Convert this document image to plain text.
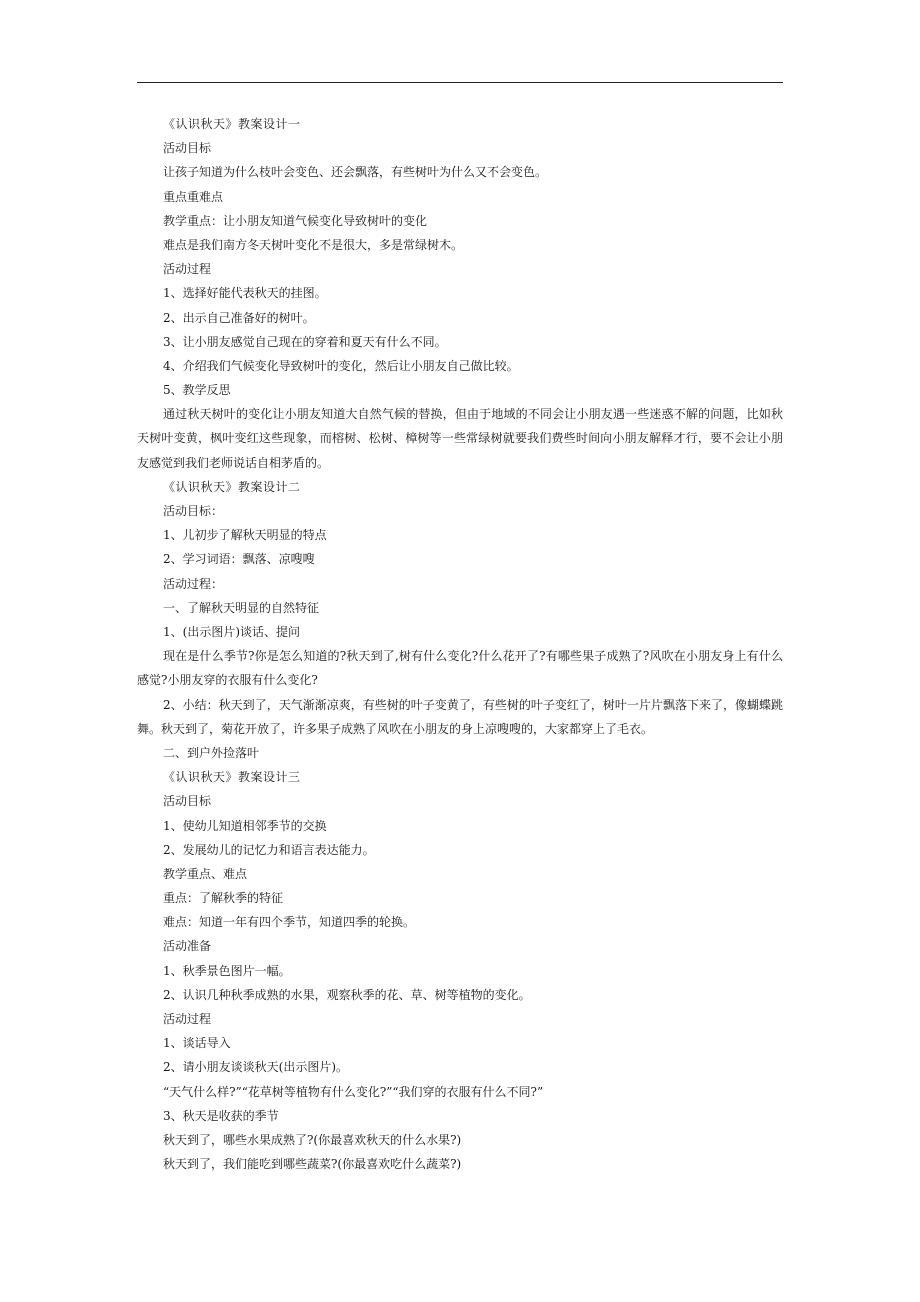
《认识秋天》教案设计一
活动目标
让孩子知道为什么枝叶会变色、还会飘落，有些树叶为什么又不会变色。
重点重难点
教学重点：让小朋友知道气候变化导致树叶的变化
难点是我们南方冬天树叶变化不是很大，多是常绿树木。
活动过程
1、选择好能代表秋天的挂图。
2、出示自己准备好的树叶。
3、让小朋友感觉自己现在的穿着和夏天有什么不同。
4、介绍我们气候变化导致树叶的变化，然后让小朋友自己做比较。
5、教学反思
通过秋天树叶的变化让小朋友知道大自然气候的替换，但由于地域的不同会让小朋友遇一些迷惑不解的问题，比如秋天树叶变黄，枫叶变红这些现象，而榕树、松树、樟树等一些常绿树就要我们费些时间向小朋友解释才行，要不会让小朋友感觉到我们老师说话自相茅盾的。
《认识秋天》教案设计二
活动目标：
1、儿初步了解秋天明显的特点
2、学习词语：飘落、凉嗖嗖
活动过程：
一、了解秋天明显的自然特征
1、(出示图片)谈话、提问
现在是什么季节?你是怎么知道的?秋天到了,树有什么变化?什么花开了?有哪些果子成熟了?风吹在小朋友身上有什么感觉?小朋友穿的衣服有什么变化?
2、小结：秋天到了，天气渐渐凉爽，有些树的叶子变黄了，有些树的叶子变红了，树叶一片片飘落下来了，像蝴蝶跳舞。秋天到了，菊花开放了，许多果子成熟了风吹在小朋友的身上凉嗖嗖的，大家都穿上了毛衣。
二、到户外捡落叶
《认识秋天》教案设计三
活动目标
1、使幼儿知道相邻季节的交换
2、发展幼儿的记忆力和语言表达能力。
教学重点、难点
重点：了解秋季的特征
难点：知道一年有四个季节，知道四季的轮换。
活动准备
1、秋季景色图片一幅。
2、认识几种秋季成熟的水果，观察秋季的花、草、树等植物的变化。
活动过程
1、谈话导入
2、请小朋友谈谈秋天(出示图片)。
“天气什么样?”“花草树等植物有什么变化?”“我们穿的衣服有什么不同?”
3、秋天是收获的季节
秋天到了，哪些水果成熟了?(你最喜欢秋天的什么水果?)
秋天到了，我们能吃到哪些蔬菜?(你最喜欢吃什么蔬菜?)
